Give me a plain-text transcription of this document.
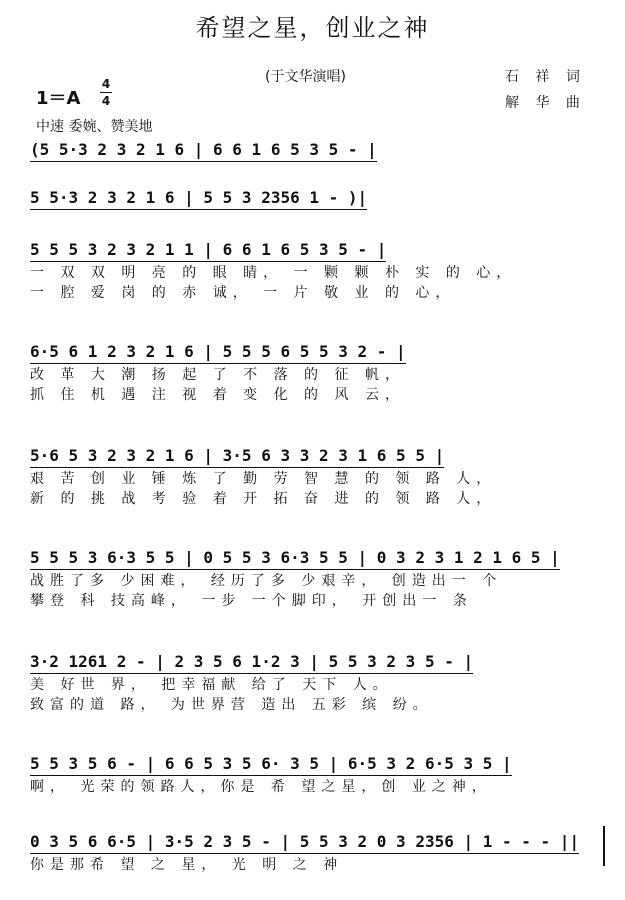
希望之星，创业之神
(于文华演唱)	石 祥 词
解 华 曲
1＝A
4
4
中速 委婉、赞美地
(5 5·3 2 3 2 1 6 | 6 6 1 6 5 3 5 - |
5 5·3 2 3 2 1 6 | 5 5 3 2356 1 - )|
5 5 5 3 2 3 2 1 1 | 6 6 1 6 5 3 5 - |
一 双 双 明 亮 的 眼 睛， 一 颗 颗 朴 实 的 心，
一 腔 爱 岗 的 赤 诚， 一 片 敬 业 的 心，
6·5 6 1 2 3 2 1 6 | 5 5 5 6 5 5 3 2 - |
改 革 大 潮 扬 起 了 不 落 的 征 帆，
抓 住 机 遇 注 视 着 变 化 的 风 云，
5·6 5 3 2 3 2 1 6 | 3·5 6 3 3 2 3 1 6 5 5 |
艰 苦 创 业 锤 炼 了 勤 劳 智 慧 的 领 路 人，
新 的 挑 战 考 验 着 开 拓 奋 进 的 领 路 人，
5 5 5 3 6·3 5 5 | 0 5 5 3 6·3 5 5 | 0 3 2 3 1 2 1 6 5 |
战胜了多 少困难， 经历了多 少艰辛， 创造出一 个
攀登 科 技高峰， 一步 一个脚印， 开创出一 条
3·2 1261 2 - | 2 3 5 6 1·2 3 | 5 5 3 2 3 5 - |
美 好世 界， 把幸福献 给了 天下 人。
致富的道 路， 为世界营 造出 五彩 缤 纷。
5 5 3 5 6 - | 6 6 5 3 5 6· 3 5 | 6·5 3 2 6·5 3 5 |
啊， 光荣的领路人，你是 希 望之星，创 业之神，
0 3 5 6 6·5 | 3·5 2 3 5 - | 5 5 3 2 0 3 2356 | 1 - - - ||
你是那希 望 之 星， 光 明 之 神
